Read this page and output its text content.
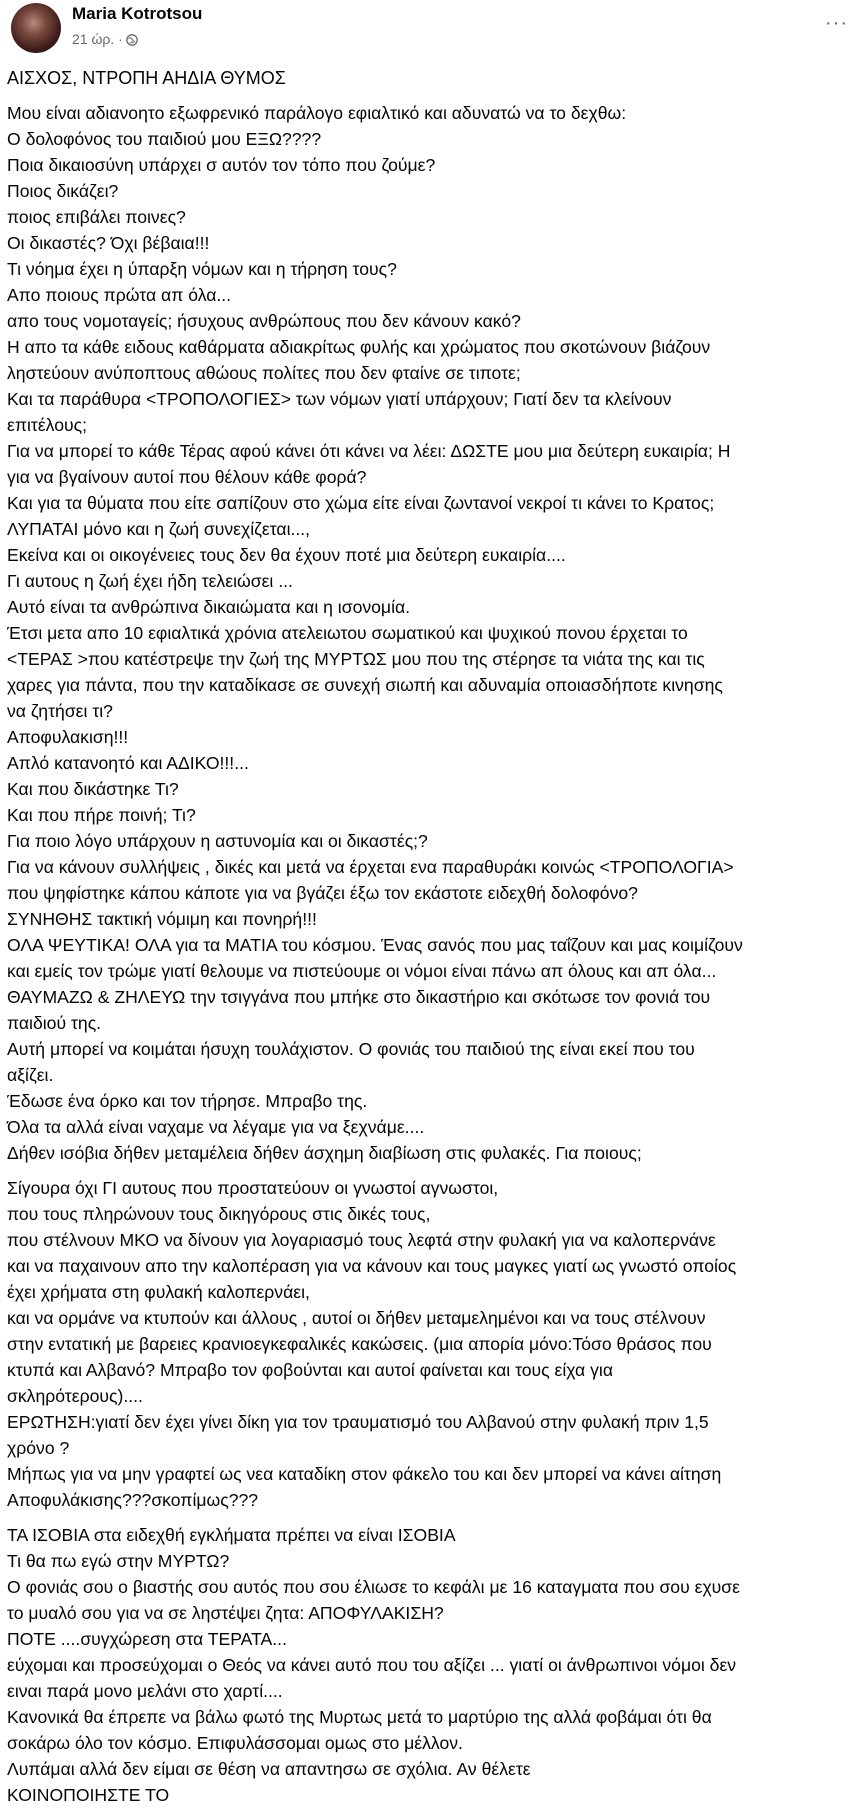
Maria Kotrotsou
21 ώρ. ·
···
ΑΙΣΧΟΣ, ΝΤΡΟΠΗ ΑΗΔΙΑ ΘΥΜΟΣ
Μου είναι αδιανοητο εξωφρενικό παράλογο εφιαλτικό και αδυνατώ να το δεχθω:
Ο δολοφόνος του παιδιού μου ΕΞΩ????
Ποια δικαιοσύνη υπάρχει σ αυτόν τον τόπο που ζούμε?
Ποιος δικάζει?
ποιος επιβάλει ποινες?
Οι δικαστές? Όχι βέβαια!!!
Τι νόημα έχει η ύπαρξη νόμων και η τήρηση τους?
Απο ποιους πρώτα απ όλα...
απο τους νομοταγείς; ήσυχους ανθρώπους που δεν κάνουν κακό?
Η απο τα κάθε ειδους καθάρματα αδιακρίτως φυλής και χρώματος που σκοτώνουν βιάζουν
ληστεύουν ανύποπτους αθώους πολίτες που δεν φταίνε σε τιποτε;
Και τα παράθυρα <ΤΡΟΠΟΛΟΓΙΕΣ> των νόμων γιατί υπάρχουν; Γιατί δεν τα κλείνουν
επιτέλους;
Για να μπορεί το κάθε Τέρας αφού κάνει ότι κάνει να λέει: ΔΩΣΤΕ μου μια δεύτερη ευκαιρία; Η
για να βγαίνουν αυτοί που θέλουν κάθε φορά?
Και για τα θύματα που είτε σαπίζουν στο χώμα είτε είναι ζωντανοί νεκροί τι κάνει το Κρατος;
ΛΥΠΑΤΑΙ μόνο και η ζωή συνεχίζεται...,
Εκείνα και οι οικογένειες τους δεν θα έχουν ποτέ μια δεύτερη ευκαιρία....
Γι αυτους η ζωή έχει ήδη τελειώσει ...
Αυτό είναι τα ανθρώπινα δικαιώματα και η ισονομία.
Έτσι μετα απο 10 εφιαλτικά χρόνια ατελειωτου σωματικού και ψυχικού πονου έρχεται το
<ΤΕΡΑΣ >που κατέστρεψε την ζωή της ΜΥΡΤΩΣ μου που της στέρησε τα νιάτα της και τις
χαρες για πάντα, που την καταδίκασε σε συνεχή σιωπή και αδυναμία οποιασδήποτε κινησης
να ζητήσει τι?
Αποφυλακιση!!!
Απλό κατανοητό και ΑΔΙΚΟ!!!...
Και που δικάστηκε Τι?
Και που πήρε ποινή; Τι?
Για ποιο λόγο υπάρχουν η αστυνομία και οι δικαστές;?
Για να κάνουν συλλήψεις , δικές και μετά να έρχεται ενα παραθυράκι κοινώς <ΤΡΟΠΟΛΟΓΙΑ>
που ψηφίστηκε κάπου κάποτε για να βγάζει έξω τον εκάστοτε ειδεχθή δολοφόνο?
ΣΥΝΗΘΗΣ τακτική νόμιμη και πονηρή!!!
ΟΛΑ ΨΕΥΤΙΚΑ! ΟΛΑ για τα ΜΑΤΙΑ του κόσμου. Ένας σανός που μας ταΐζουν και μας κοιμίζουν
και εμείς τον τρώμε γιατί θελουμε να πιστεύουμε οι νόμοι είναι πάνω απ όλους και απ όλα...
ΘΑΥΜΑΖΩ & ΖΗΛΕΥΩ την τσιγγάνα που μπήκε στο δικαστήριο και σκότωσε τον φονιά του
παιδιού της.
Αυτή μπορεί να κοιμάται ήσυχη τουλάχιστον. Ο φονιάς του παιδιού της είναι εκεί που του
αξίζει.
Έδωσε ένα όρκο και τον τήρησε. Μπραβο της.
Όλα τα αλλά είναι ναχαμε να λέγαμε για να ξεχνάμε....
Δήθεν ισόβια δήθεν μεταμέλεια δήθεν άσχημη διαβίωση στις φυλακές. Για ποιους;
Σίγουρα όχι ΓΙ αυτους που προστατεύουν οι γνωστοί αγνωστοι,
που τους πληρώνουν τους δικηγόρους στις δικές τους,
που στέλνουν ΜΚΟ να δίνουν για λογαριασμό τους λεφτά στην φυλακή για να καλοπερνάνε
και να παχαινουν απο την καλοπέραση για να κάνουν και τους μαγκες γιατί ως γνωστό οποίος
έχει χρήματα στη φυλακή καλοπερνάει,
και να ορμάνε να κτυπούν και άλλους , αυτοί οι δήθεν μεταμελημένοι και να τους στέλνουν
στην εντατική με βαρειες κρανιοεγκεφαλικές κακώσεις. (μια απορία μόνο:Τόσο θράσος που
κτυπά και Αλβανό? Μπραβο τον φοβούνται και αυτοί φαίνεται και τους είχα για
σκληρότερους)....
ΕΡΩΤΗΣΗ:γιατί δεν έχει γίνει δίκη για τον τραυματισμό του Αλβανού στην φυλακή πριν 1,5
χρόνο ?
Μήπως για να μην γραφτεί ως νεα καταδίκη στον φάκελο του και δεν μπορεί να κάνει αίτηση
Αποφυλάκισης???σκοπίμως???
ΤΑ ΙΣΟΒΙΑ στα ειδεχθή εγκλήματα πρέπει να είναι ΙΣΟΒΙΑ
Τι θα πω εγώ στην ΜΥΡΤΩ?
Ο φονιάς σου ο βιαστής σου αυτός που σου έλιωσε το κεφάλι με 16 καταγματα που σου εχυσε
το μυαλό σου για να σε ληστέψει ζητα: ΑΠΟΦΥΛΑΚΙΣΗ?
ΠΟΤΕ ....συγχώρεση στα ΤΕΡΑΤΑ...
εύχομαι και προσεύχομαι ο Θεός να κάνει αυτό που του αξίζει ... γιατί οι άνθρωπινοι νόμοι δεν
ειναι παρά μονο μελάνι στο χαρτί....
Κανονικά θα έπρεπε να βάλω φωτό της Μυρτως μετά το μαρτύριο της αλλά φοβάμαι ότι θα
σοκάρω όλο τον κόσμο. Επιφυλάσσομαι ομως στο μέλλον.
Λυπάμαι αλλά δεν είμαι σε θέση να απαντησω σε σχόλια. Αν θέλετε
ΚΟΙΝΟΠΟΙΗΣΤΕ ΤΟ
